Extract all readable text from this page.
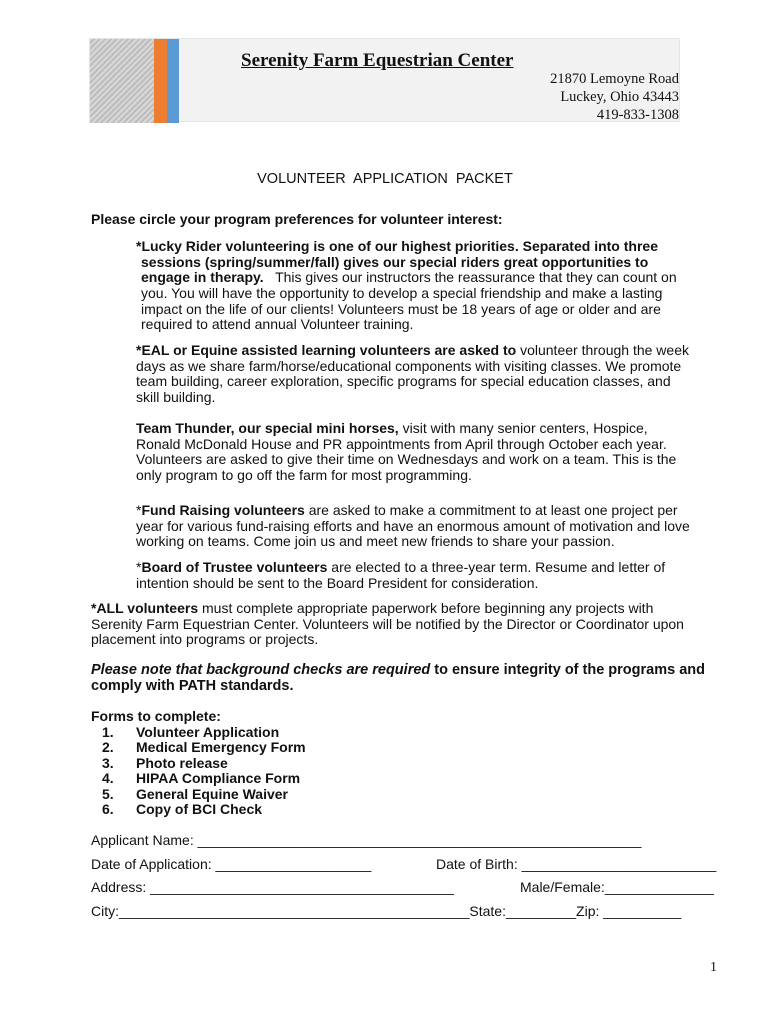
Serenity Farm Equestrian Center
21870 Lemoyne Road
Luckey, Ohio 43443
419-833-1308
VOLUNTEER  APPLICATION  PACKET
Please circle your program preferences for volunteer interest:
*Lucky Rider volunteering is one of our highest priorities. Separated into three
sessions (spring/summer/fall) gives our special riders great opportunities to
engage in therapy.   This gives our instructors the reassurance that they can count on
you. You will have the opportunity to develop a special friendship and make a lasting
impact on the life of our clients! Volunteers must be 18 years of age or older and are
required to attend annual Volunteer training.
*EAL or Equine assisted learning volunteers are asked to volunteer through the week
days as we share farm/horse/educational components with visiting classes. We promote
team building, career exploration, specific programs for special education classes, and
skill building.
Team Thunder, our special mini horses, visit with many senior centers, Hospice,
Ronald McDonald House and PR appointments from April through October each year.
Volunteers are asked to give their time on Wednesdays and work on a team. This is the
only program to go off the farm for most programming.
*Fund Raising volunteers are asked to make a commitment to at least one project per
year for various fund-raising efforts and have an enormous amount of motivation and love
working on teams. Come join us and meet new friends to share your passion.
*Board of Trustee volunteers are elected to a three-year term. Resume and letter of
intention should be sent to the Board President for consideration.
*ALL volunteers must complete appropriate paperwork before beginning any projects with
Serenity Farm Equestrian Center. Volunteers will be notified by the Director or Coordinator upon
placement into programs or projects.
Please note that background checks are required to ensure integrity of the programs and
comply with PATH standards.
Forms to complete:
1. Volunteer Application
2. Medical Emergency Form
3. Photo release
4. HIPAA Compliance Form
5. General Equine Waiver
6. Copy of BCI Check
Applicant Name: _________________________________________________________
Date of Application: ____________________	Date of Birth: _________________________
Address: _______________________________________	Male/Female:______________
City:_____________________________________________State:_________Zip: __________
1
